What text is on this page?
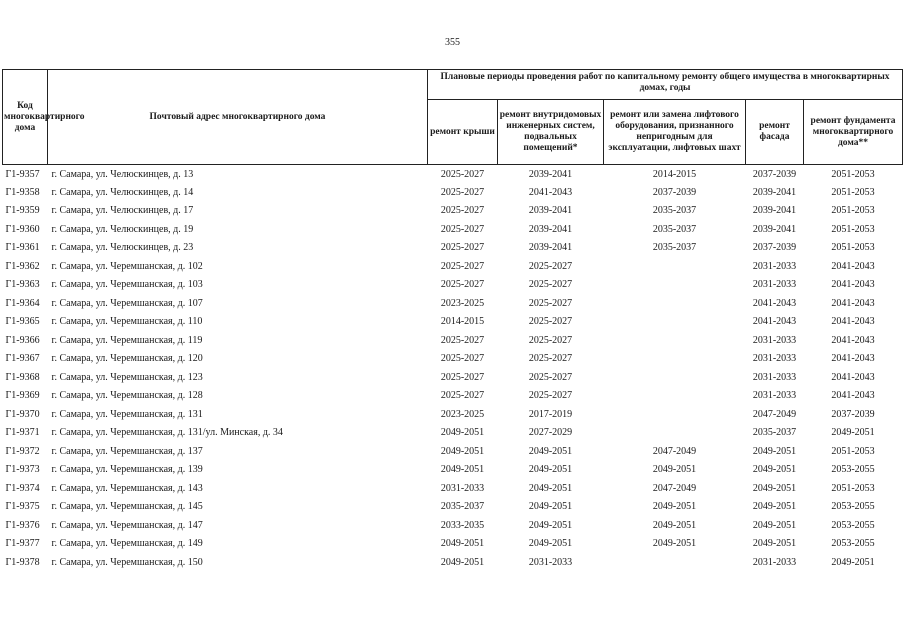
355
Код многоквартирного дома	Почтовый адрес многоквартирного дома	Плановые периоды проведения работ по капитальному ремонту общего имущества в многоквартирных домах, годы				
		ремонт крыши	ремонт внутридомовых инженерных систем, подвальных помещений*	ремонт или замена лифтового оборудования, признанного непригодным для эксплуатации, лифтовых шахт	ремонт фасада	ремонт фундамента многоквартирного дома**
Г1-9357	г. Самара, ул. Челюскинцев, д. 13	2025-2027	2039-2041	2014-2015	2037-2039	2051-2053
Г1-9358	г. Самара, ул. Челюскинцев, д. 14	2025-2027	2041-2043	2037-2039	2039-2041	2051-2053
Г1-9359	г. Самара, ул. Челюскинцев, д. 17	2025-2027	2039-2041	2035-2037	2039-2041	2051-2053
Г1-9360	г. Самара, ул. Челюскинцев, д. 19	2025-2027	2039-2041	2035-2037	2039-2041	2051-2053
Г1-9361	г. Самара, ул. Челюскинцев, д. 23	2025-2027	2039-2041	2035-2037	2037-2039	2051-2053
Г1-9362	г. Самара, ул. Черемшанская, д. 102	2025-2027	2025-2027		2031-2033	2041-2043
Г1-9363	г. Самара, ул. Черемшанская, д. 103	2025-2027	2025-2027		2031-2033	2041-2043
Г1-9364	г. Самара, ул. Черемшанская, д. 107	2023-2025	2025-2027		2041-2043	2041-2043
Г1-9365	г. Самара, ул. Черемшанская, д. 110	2014-2015	2025-2027		2041-2043	2041-2043
Г1-9366	г. Самара, ул. Черемшанская, д. 119	2025-2027	2025-2027		2031-2033	2041-2043
Г1-9367	г. Самара, ул. Черемшанская, д. 120	2025-2027	2025-2027		2031-2033	2041-2043
Г1-9368	г. Самара, ул. Черемшанская, д. 123	2025-2027	2025-2027		2031-2033	2041-2043
Г1-9369	г. Самара, ул. Черемшанская, д. 128	2025-2027	2025-2027		2031-2033	2041-2043
Г1-9370	г. Самара, ул. Черемшанская, д. 131	2023-2025	2017-2019		2047-2049	2037-2039
Г1-9371	г. Самара, ул. Черемшанская, д. 131/ул. Минская, д. 34	2049-2051	2027-2029		2035-2037	2049-2051
Г1-9372	г. Самара, ул. Черемшанская, д. 137	2049-2051	2049-2051	2047-2049	2049-2051	2051-2053
Г1-9373	г. Самара, ул. Черемшанская, д. 139	2049-2051	2049-2051	2049-2051	2049-2051	2053-2055
Г1-9374	г. Самара, ул. Черемшанская, д. 143	2031-2033	2049-2051	2047-2049	2049-2051	2051-2053
Г1-9375	г. Самара, ул. Черемшанская, д. 145	2035-2037	2049-2051	2049-2051	2049-2051	2053-2055
Г1-9376	г. Самара, ул. Черемшанская, д. 147	2033-2035	2049-2051	2049-2051	2049-2051	2053-2055
Г1-9377	г. Самара, ул. Черемшанская, д. 149	2049-2051	2049-2051	2049-2051	2049-2051	2053-2055
Г1-9378	г. Самара, ул. Черемшанская, д. 150	2049-2051	2031-2033		2031-2033	2049-2051
